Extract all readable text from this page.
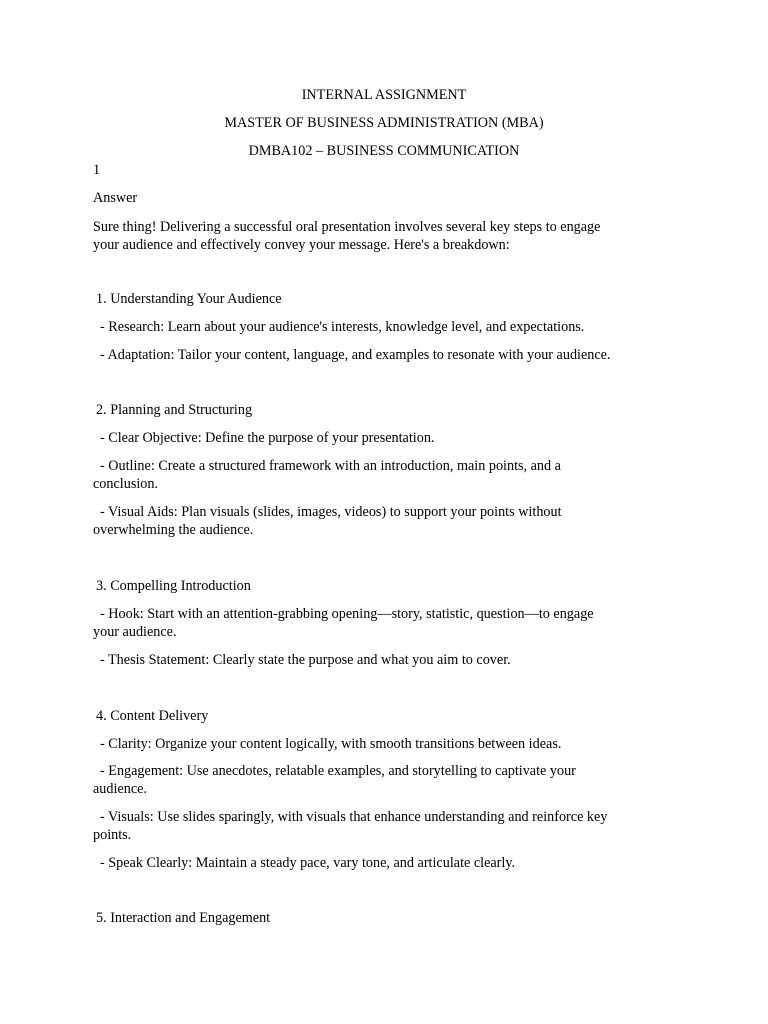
INTERNAL ASSIGNMENT

MASTER OF BUSINESS ADMINISTRATION (MBA)

DMBA102 – BUSINESS COMMUNICATION

1

Answer

Sure thing! Delivering a successful oral presentation involves several key steps to engage

your audience and effectively convey your message. Here's a breakdown:

1. Understanding Your Audience

- Research: Learn about your audience's interests, knowledge level, and expectations.

- Adaptation: Tailor your content, language, and examples to resonate with your audience.

2. Planning and Structuring

- Clear Objective: Define the purpose of your presentation.

- Outline: Create a structured framework with an introduction, main points, and a

conclusion.

- Visual Aids: Plan visuals (slides, images, videos) to support your points without

overwhelming the audience.

3. Compelling Introduction

- Hook: Start with an attention-grabbing opening—story, statistic, question—to engage

your audience.

- Thesis Statement: Clearly state the purpose and what you aim to cover.

4. Content Delivery

- Clarity: Organize your content logically, with smooth transitions between ideas.

- Engagement: Use anecdotes, relatable examples, and storytelling to captivate your

audience.

- Visuals: Use slides sparingly, with visuals that enhance understanding and reinforce key

points.

- Speak Clearly: Maintain a steady pace, vary tone, and articulate clearly.

5. Interaction and Engagement
